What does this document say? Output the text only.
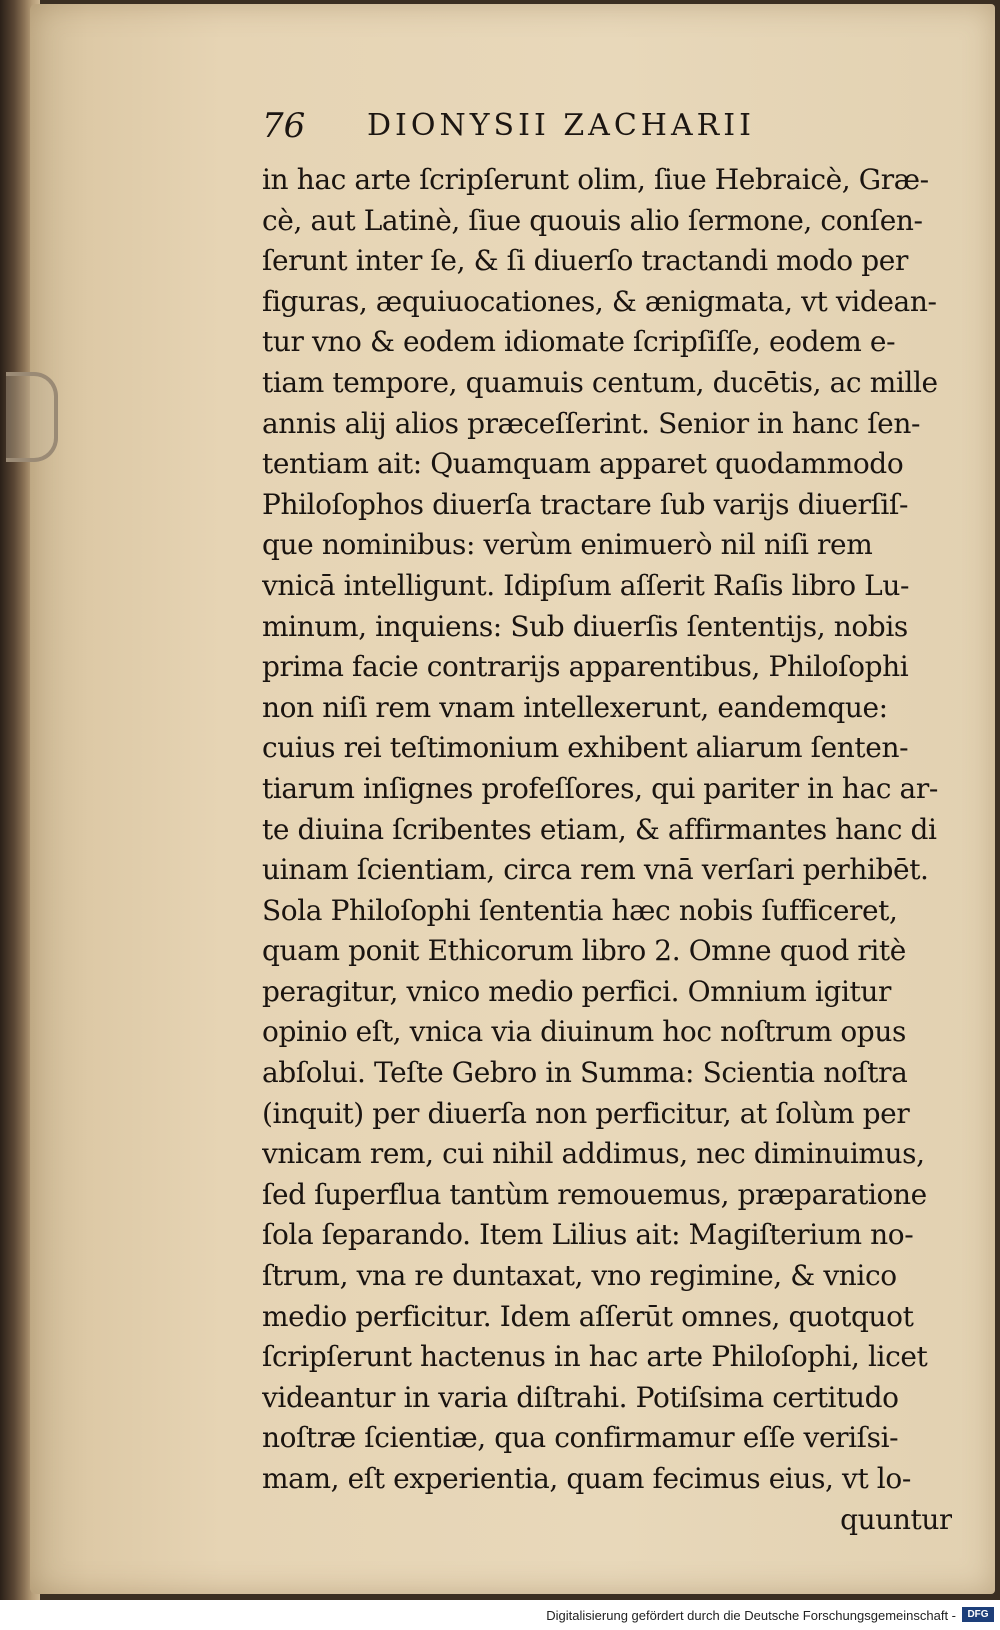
76 DIONYSII ZACHARII
in hac arte ſcripſerunt olim, ſiue Hebraicè, Græ-
cè, aut Latinè, ſiue quouis alio ſermone, conſen-
ſerunt inter ſe, & ſi diuerſo tractandi modo per
figuras, æquiuocationes, & ænigmata, vt videan-
tur vno & eodem idiomate ſcripſiſſe, eodem e-
tiam tempore, quamuis centum, ducētis, ac mille
annis alij alios præceſſerint. Senior in hanc ſen-
tentiam ait: Quamquam apparet quodammodo
Philoſophos diuerſa tractare ſub varijs diuerſiſ-
que nominibus: verùm enimuerò nil niſi rem
vnicā intelligunt. Idipſum aſſerit Raſis libro Lu-
minum, inquiens: Sub diuerſis ſententijs, nobis
prima facie contrarijs apparentibus, Philoſophi
non niſi rem vnam intellexerunt, eandemque:
cuius rei teſtimonium exhibent aliarum ſenten-
tiarum inſignes profeſſores, qui pariter in hac ar-
te diuina ſcribentes etiam, & affirmantes hanc di
uinam ſcientiam, circa rem vnā verſari perhibēt.
Sola Philoſophi ſententia hæc nobis ſufficeret,
quam ponit Ethicorum libro 2. Omne quod ritè
peragitur, vnico medio perfici. Omnium igitur
opinio eſt, vnica via diuinum hoc noſtrum opus
abſolui. Teſte Gebro in Summa: Scientia noſtra
(inquit) per diuerſa non perficitur, at ſolùm per
vnicam rem, cui nihil addimus, nec diminuimus,
ſed ſuperflua tantùm remouemus, præparatione
ſola ſeparando. Item Lilius ait: Magiſterium no-
ſtrum, vna re duntaxat, vno regimine, & vnico
medio perficitur. Idem aſſerūt omnes, quotquot
ſcripſerunt hactenus in hac arte Philoſophi, licet
videantur in varia diſtrahi. Potiſsima certitudo
noſtræ ſcientiæ, qua confirmamur eſſe veriſsi-
mam, eſt experientia, quam fecimus eius, vt lo-
quuntur
Digitalisierung gefördert durch die Deutsche Forschungsgemeinschaft -	DFG
